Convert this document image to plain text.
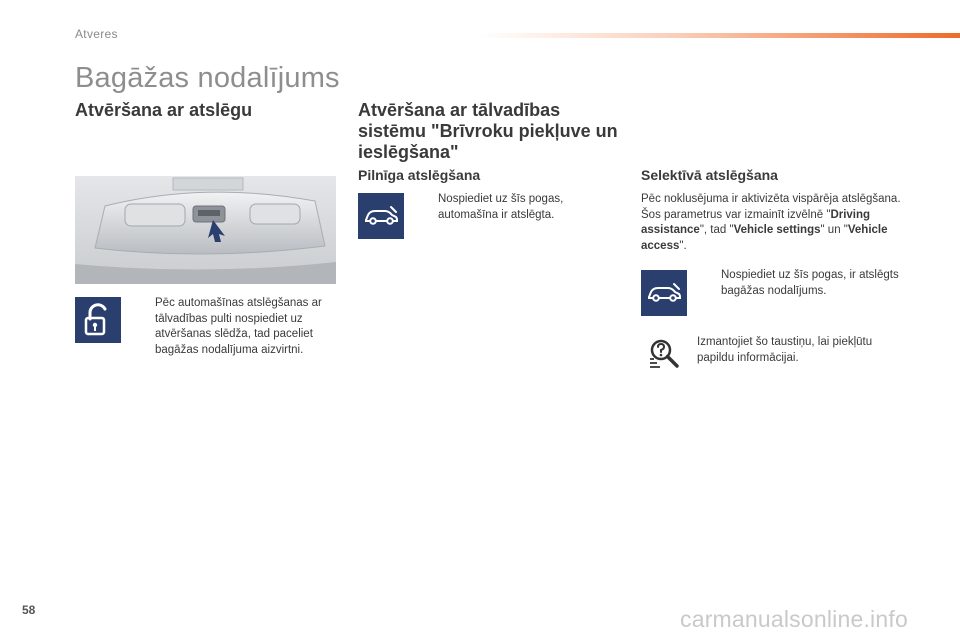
Atveres
Bagāžas nodalījums
Atvēršana ar atslēgu
Pēc automašīnas atslēgšanas ar tālvadības pulti nospiediet uz atvēršanas slēdža, tad paceliet bagāžas nodalījuma aizvirtni.
Atvēršana ar tālvadības sistēmu "Brīvroku piekļuve un ieslēgšana"
Pilnīga atslēgšana
Nospiediet uz šīs pogas, automašīna ir atslēgta.
Selektīvā atslēgšana
Pēc noklusējuma ir aktivizēta vispārēja atslēgšana. Šos parametrus var izmainīt izvēlnē "Driving assistance", tad "Vehicle settings" un "Vehicle access".
Nospiediet uz šīs pogas, ir atslēgts bagāžas nodalījums.
Izmantojiet šo taustiņu, lai piekļūtu papildu informācijai.
58	carmanualsonline.info
